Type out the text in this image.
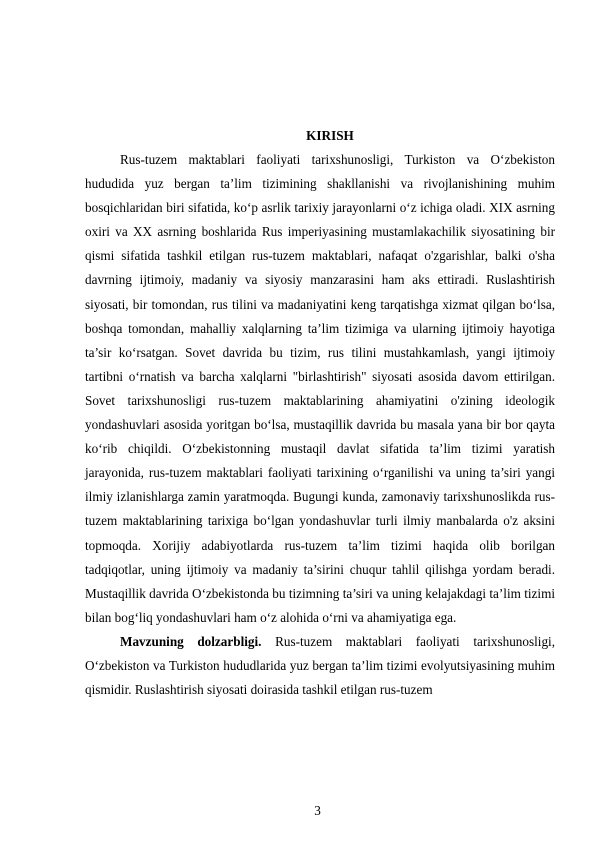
KIRISH

Rus-tuzem maktablari faoliyati tarixshunosligi, Turkiston va O‘zbekiston hududida yuz bergan ta’lim tizimining shakllanishi va rivojlanishining muhim bosqichlaridan biri sifatida, ko‘p asrlik tarixiy jarayonlarni o‘z ichiga oladi. XIX asrning oxiri va XX asrning boshlarida Rus imperiyasining mustamlakachilik siyosatining bir qismi sifatida tashkil etilgan rus-tuzem maktablari, nafaqat o'zgarishlar, balki o'sha davrning ijtimoiy, madaniy va siyosiy manzarasini ham aks ettiradi. Ruslashtirish siyosati, bir tomondan, rus tilini va madaniyatini keng tarqatishga xizmat qilgan bo‘lsa, boshqa tomondan, mahalliy xalqlarning ta’lim tizimiga va ularning ijtimoiy hayotiga ta’sir ko‘rsatgan. Sovet davrida bu tizim, rus tilini mustahkamlash, yangi ijtimoiy tartibni o‘rnatish va barcha xalqlarni "birlashtirish" siyosati asosida davom ettirilgan. Sovet tarixshunosligi rus-tuzem maktablarining ahamiyatini o'zining ideologik yondashuvlari asosida yoritgan bo‘lsa, mustaqillik davrida bu masala yana bir bor qayta ko‘rib chiqildi. O‘zbekistonning mustaqil davlat sifatida ta’lim tizimi yaratish jarayonida, rus-tuzem maktablari faoliyati tarixining o‘rganilishi va uning ta’siri yangi ilmiy izlanishlarga zamin yaratmoqda. Bugungi kunda, zamonaviy tarixshunoslikda rus-tuzem maktablarining tarixiga bo‘lgan yondashuvlar turli ilmiy manbalarda o'z aksini topmoqda. Xorijiy adabiyotlarda rus-tuzem ta’lim tizimi haqida olib borilgan tadqiqotlar, uning ijtimoiy va madaniy ta’sirini chuqur tahlil qilishga yordam beradi. Mustaqillik davrida O‘zbekistonda bu tizimning ta’siri va uning kelajakdagi ta’lim tizimi bilan bog‘liq yondashuvlari ham o‘z alohida o‘rni va ahamiyatiga ega.

Mavzuning dolzarbligi. Rus-tuzem maktablari faoliyati tarixshunosligi, O‘zbekiston va Turkiston hududlarida yuz bergan ta’lim tizimi evolyutsiyasining muhim qismidir. Ruslashtirish siyosati doirasida tashkil etilgan rus-tuzem

3
